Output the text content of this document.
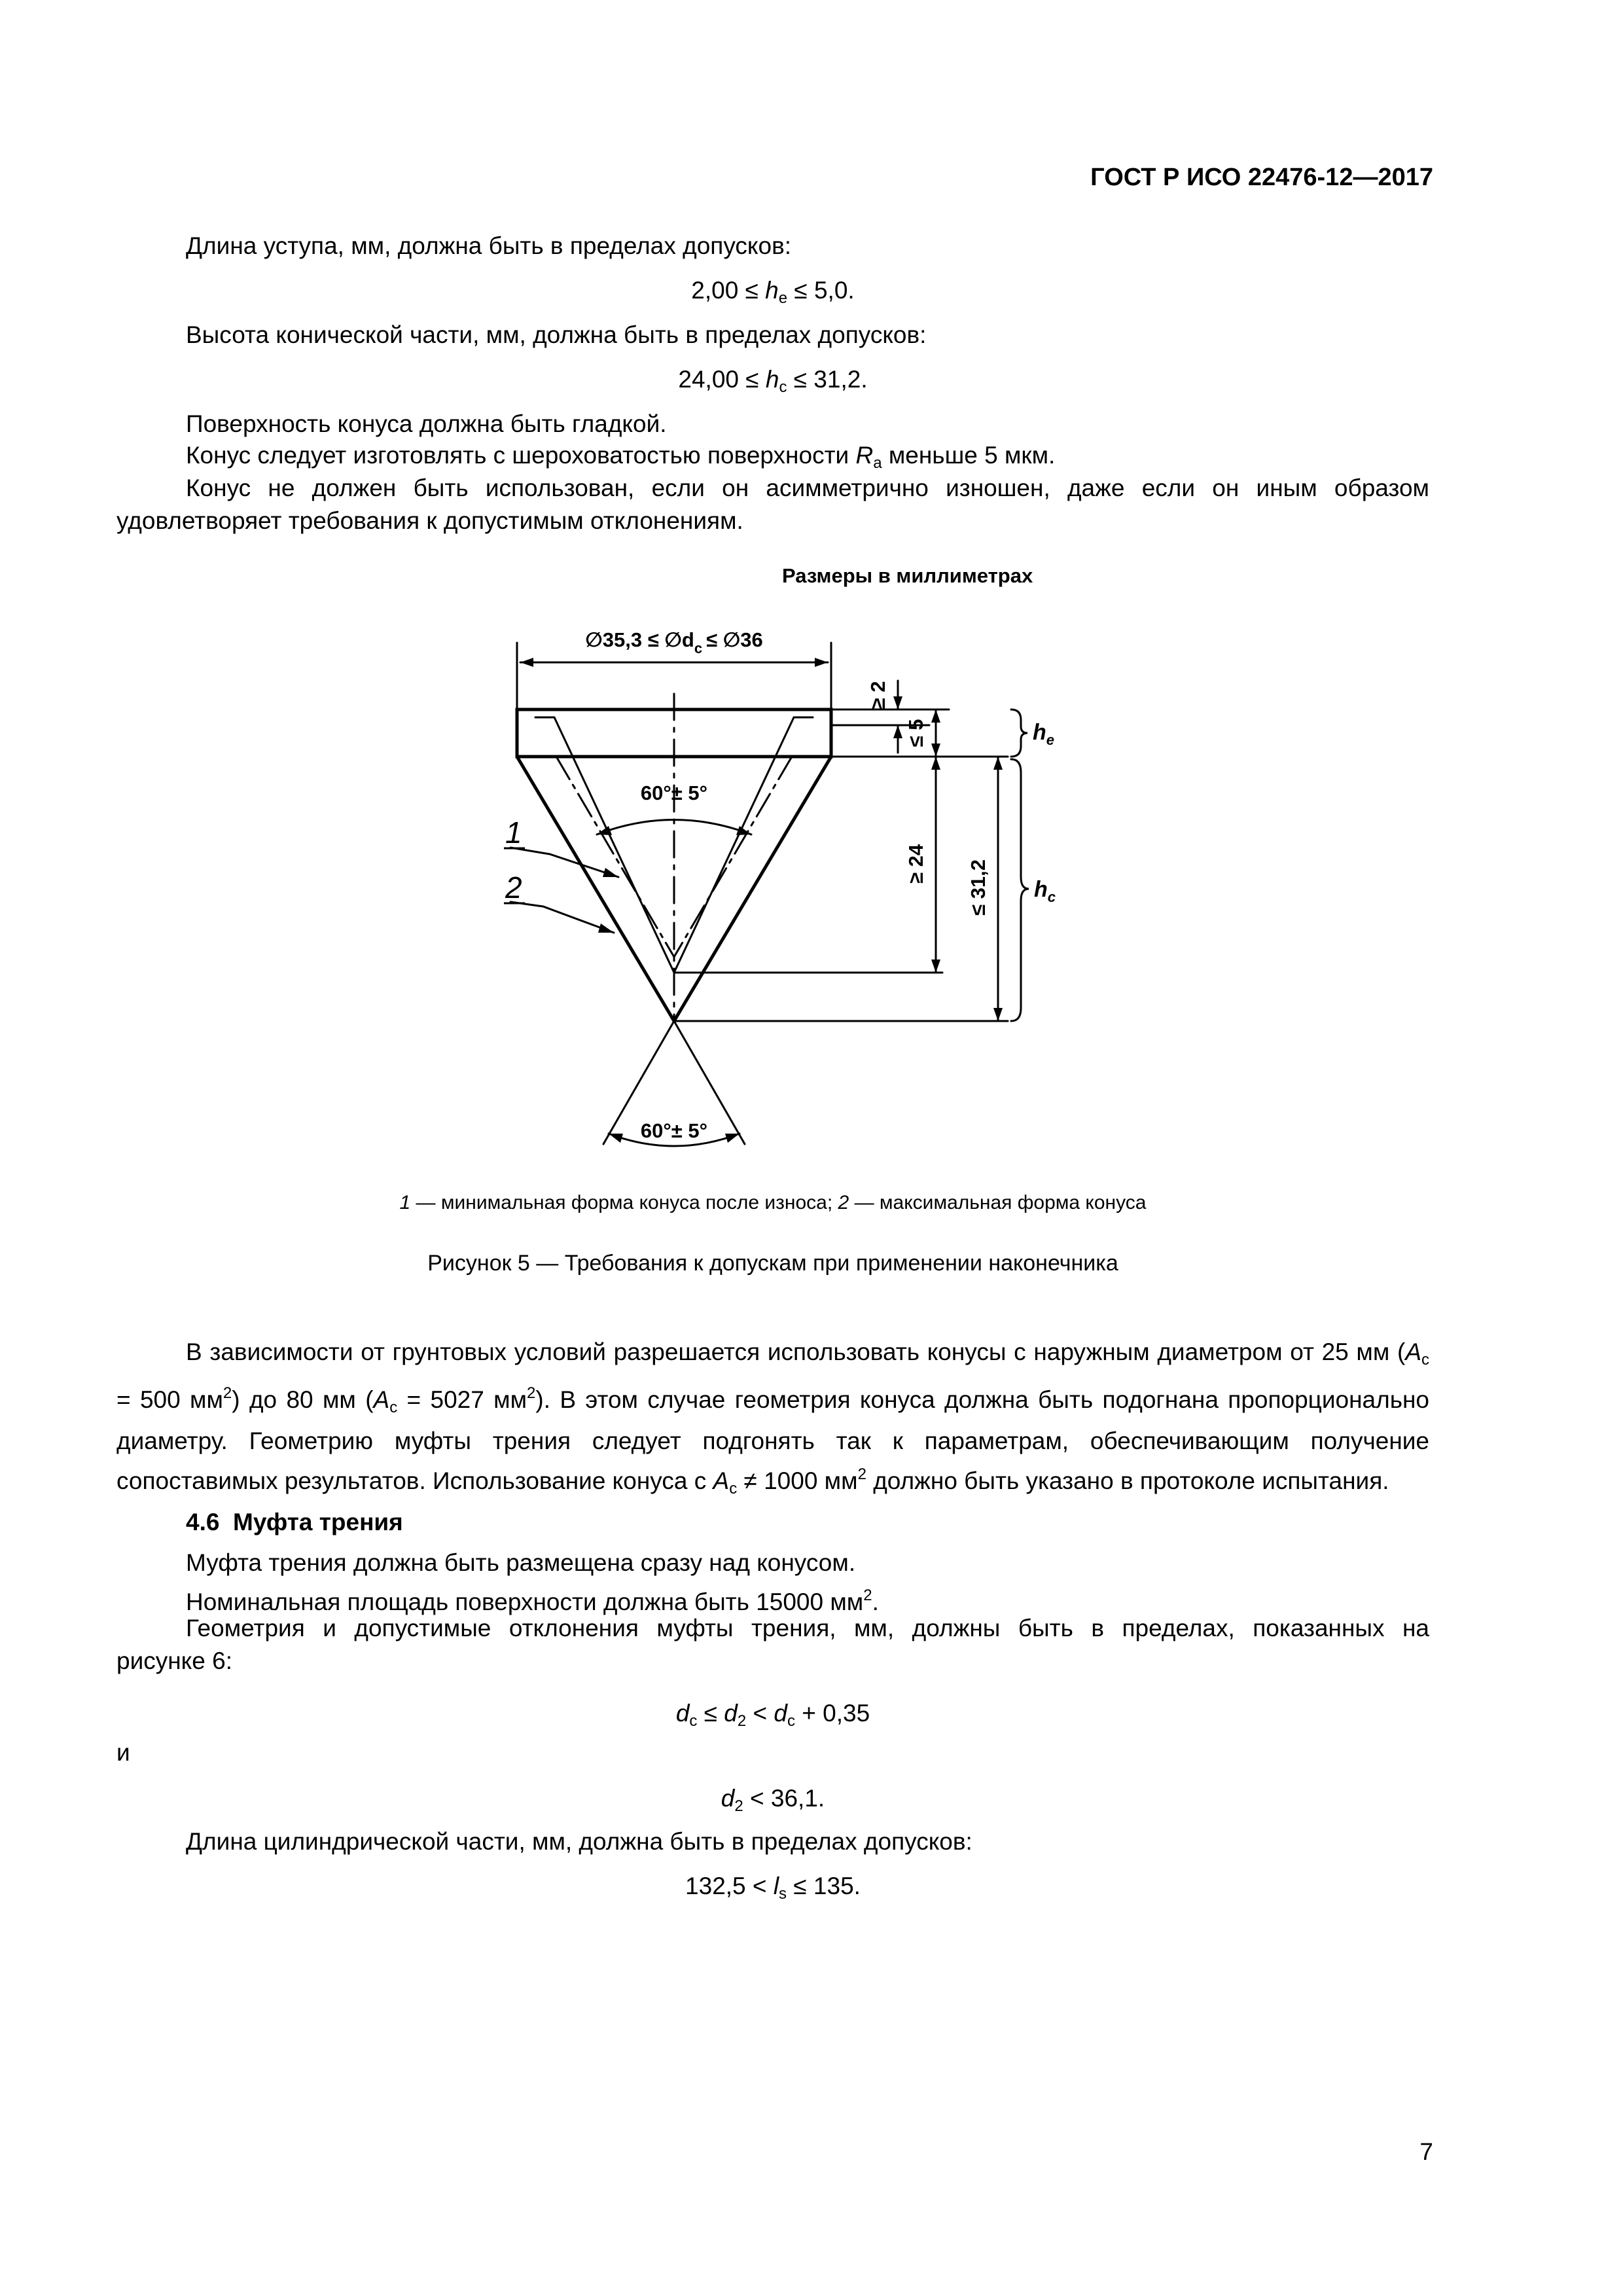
ГОСТ Р ИСО 22476-12—2017
Длина уступа, мм, должна быть в пределах допусков:
$2,00 \le h_e \le 5,0$.
Высота конической части, мм, должна быть в пределах допусков:
$24,00 \le h_c \le 31,2$.
Поверхность конуса должна быть гладкой.
Конус следует изготовлять с шероховатостью поверхности $R_a$ меньше 5 мкм.
Конус не должен быть использован, если он асимметрично изношен, даже если он иным образом
удовлетворяет требования к допустимым отклонениям.
Размеры в миллиметрах
∅35,3 ≤ $\emptyset d_c$ ≤ ∅36
≥ 2
≤ 5
≥ 24 ≤ 31,2
60°± 5°
60°± 5°
$h_e$
$h_c$
1
2
1 — минимальная форма конуса после износа; 2 — максимальная форма конуса
Рисунок 5 — Требования к допускам при применении наконечника
В зависимости от грунтовых условий разрешается использовать конусы с наружным диаметром от 25 мм ($A_c = 500$ $мм^2$) до 80 мм ($A_c = 5027$ $мм^2$). В этом случае геометрия конуса должна быть подогнана пропорционально диаметру. Геометрию муфты трения следует подгонять так к параметрам, обеспечивающим получение сопоставимых результатов. Использование конуса с $A_c \ne 1000$ $мм^2$ должно быть указано в протоколе испытания.
4.6 Муфта трения
Муфта трения должна быть размещена сразу над конусом.
Номинальная площадь поверхности должна быть 15000 $мм^2$.
Геометрия и допустимые отклонения муфты трения, мм, должны быть в пределах, показанных на
рисунке 6:
$d_c \le d_2 < d_c + 0,35$
и
$d_2 < 36,1$.
Длина цилиндрической части, мм, должна быть в пределах допусков:
$132,5 < l_s \le 135$.
7
